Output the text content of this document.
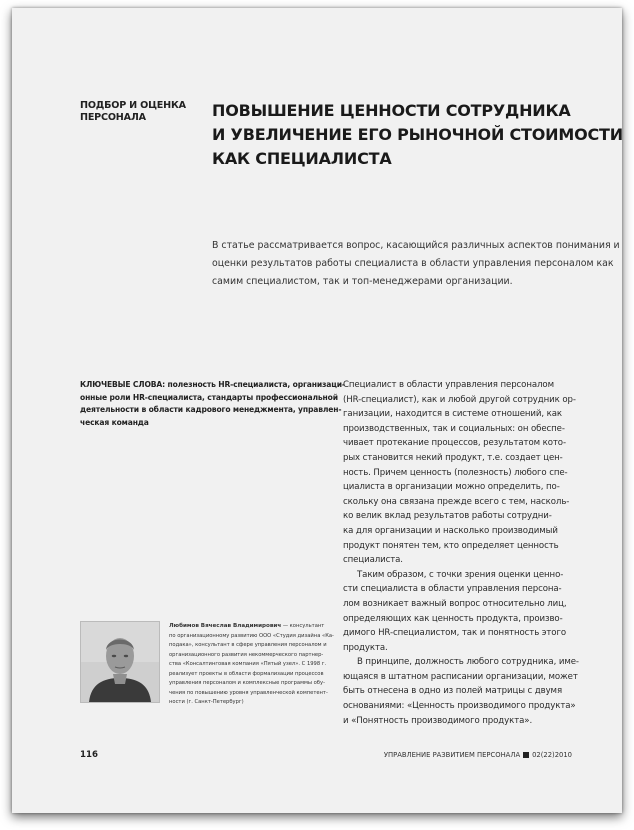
ПОДБОР И ОЦЕНКА
ПЕРСОНАЛА	ПОВЫШЕНИЕ ЦЕННОСТИ СОТРУДНИКА
И УВЕЛИЧЕНИЕ ЕГО РЫНОЧНОЙ СТОИМОСТИ
КАК СПЕЦИАЛИСТА
В статье рассматривается вопрос, касающийся различных аспектов понимания и
оценки результатов работы специалиста в области управления персоналом как
самим специалистом, так и топ-менеджерами организации.
КЛЮЧЕВЫЕ СЛОВА: полезность HR-специалиста, организаци-
онные роли HR-специалиста, стандарты профессиональной
деятельности в области кадрового менеджмента, управлен-
ческая команда
Специалист в области управления персоналом
(HR-специалист), как и любой другой сотрудник ор-
ганизации, находится в системе отношений, как
производственных, так и социальных: он обеспе-
чивает протекание процессов, результатом кото-
рых становится некий продукт, т.е. создает цен-
ность. Причем ценность (полезность) любого спе-
циалиста в организации можно определить, по-
скольку она связана прежде всего с тем, насколь-
ко велик вклад результатов работы сотрудни-
ка для организации и насколько производимый
продукт понятен тем, кто определяет ценность
специалиста.
Таким образом, с точки зрения оценки ценно-
сти специалиста в области управления персона-
лом возникает важный вопрос относительно лиц,
определяющих как ценность продукта, произво-
димого HR-специалистом, так и понятность этого
продукта.
В принципе, должность любого сотрудника, име-
ющаяся в штатном расписании организации, может
быть отнесена в одно из полей матрицы с двумя
основаниями: «Ценность производимого продукта»
и «Понятность производимого продукта».
Любимов Вячеслав Владимирович — консультант
по организационному развитию ООО «Студия дизайна «Ка-
подака», консультант в сфере управления персоналом и
организационного развития некоммерческого партнер-
ства «Консалтинговая компания «Пятый узел». С 1998 г.
реализует проекты в области формализации процессов
управления персоналом и комплексные программы обу-
чения по повышению уровня управленческой компетент-
ности (г. Санкт-Петербург)
116	УПРАВЛЕНИЕ РАЗВИТИЕМ ПЕРСОНАЛА 02(22)2010
